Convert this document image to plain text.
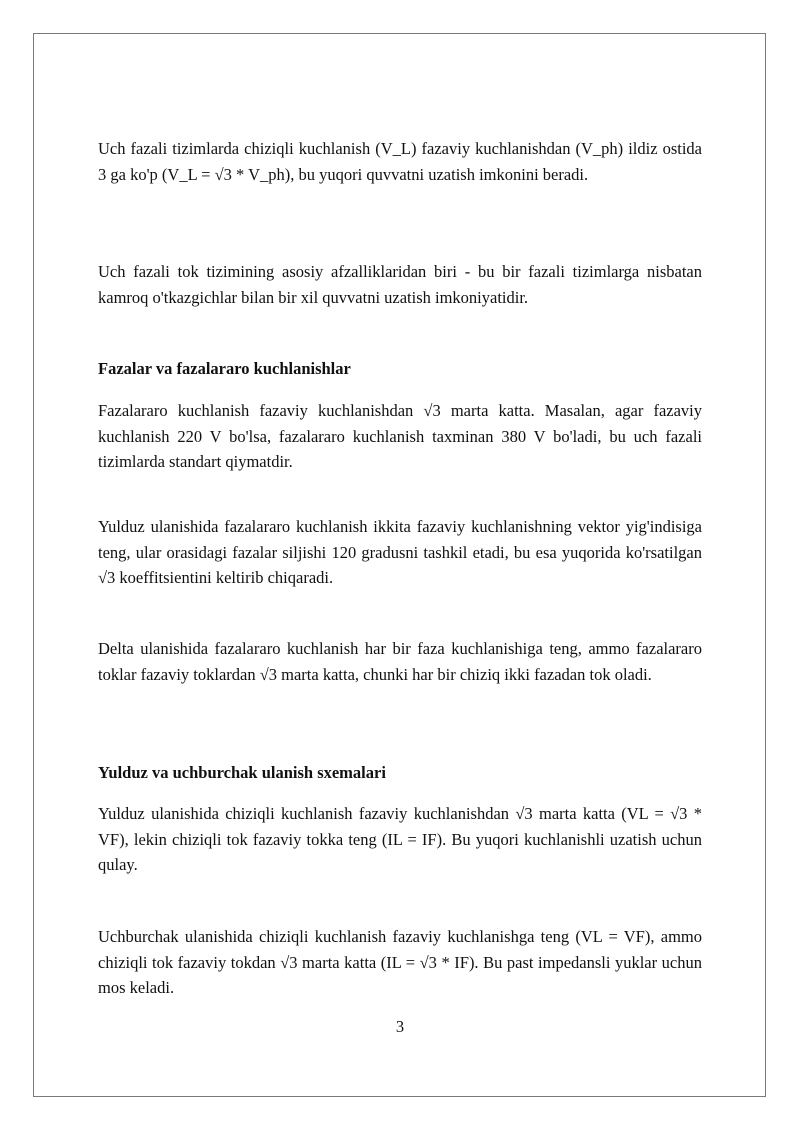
Uch fazali tizimlarda chiziqli kuchlanish (V_L) fazaviy kuchlanishdan (V_ph) ildiz ostida 3 ga ko'p (V_L = √3 * V_ph), bu yuqori quvvatni uzatish imkonini beradi.

Uch fazali tok tizimining asosiy afzalliklaridan biri - bu bir fazali tizimlarga nisbatan kamroq o'tkazgichlar bilan bir xil quvvatni uzatish imkoniyatidir.

Fazalar va fazalararo kuchlanishlar

Fazalararo kuchlanish fazaviy kuchlanishdan √3 marta katta. Masalan, agar fazaviy kuchlanish 220 V bo'lsa, fazalararo kuchlanish taxminan 380 V bo'ladi, bu uch fazali tizimlarda standart qiymatdir.

Yulduz ulanishida fazalararo kuchlanish ikkita fazaviy kuchlanishning vektor yig'indisiga teng, ular orasidagi fazalar siljishi 120 gradusni tashkil etadi, bu esa yuqorida ko'rsatilgan √3 koeffitsientini keltirib chiqaradi.

Delta ulanishida fazalararo kuchlanish har bir faza kuchlanishiga teng, ammo fazalararo toklar fazaviy toklardan √3 marta katta, chunki har bir chiziq ikki fazadan tok oladi.

Yulduz va uchburchak ulanish sxemalari

Yulduz ulanishida chiziqli kuchlanish fazaviy kuchlanishdan √3 marta katta (VL = √3 * VF), lekin chiziqli tok fazaviy tokka teng (IL = IF). Bu yuqori kuchlanishli uzatish uchun qulay.

Uchburchak ulanishida chiziqli kuchlanish fazaviy kuchlanishga teng (VL = VF), ammo chiziqli tok fazaviy tokdan √3 marta katta (IL = √3 * IF). Bu past impedansli yuklar uchun mos keladi.

3
